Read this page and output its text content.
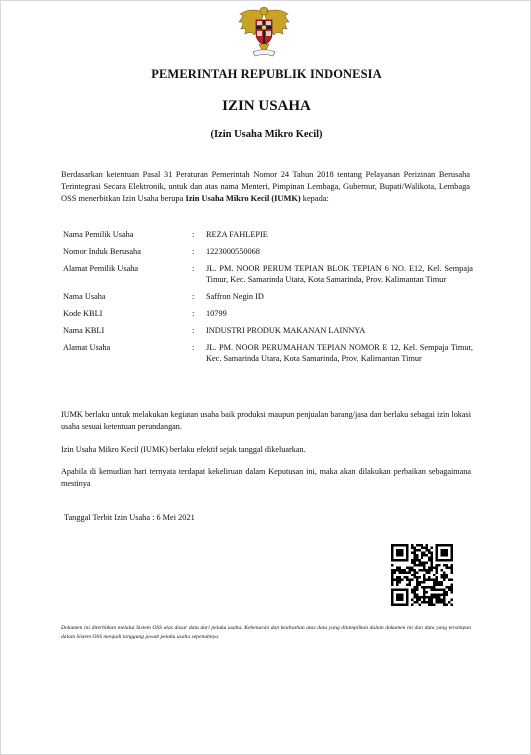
PEMERINTAH REPUBLIK INDONESIA
IZIN USAHA
(Izin Usaha Mikro Kecil)
Berdasarkan ketentuan Pasal 31 Peraturan Pemerintah Nomor 24 Tahun 2018 tentang Pelayanan Perizinan Berusaha Terintegrasi Secara Elektronik, untuk dan atas nama Menteri, Pimpinan Lembaga, Gubernur, Bupati/Walikota, Lembaga OSS menerbitkan Izin Usaha berupa Izin Usaha Mikro Kecil (IUMK) kepada:
Nama Pemilik Usaha	: REZA FAHLEPIE
Nomor Induk Berusaha	: 1223000550068
Alamat Pemilik Usaha	: JL. PM. NOOR PERUM TEPIAN BLOK TEPIAN 6 NO. E12, Kel. Sempaja Timur, Kec. Samarinda Utara, Kota Samarinda, Prov. Kalimantan Timur
Nama Usaha	: Saffron Negin ID
Kode KBLI	: 10799
Nama KBLI	: INDUSTRI PRODUK MAKANAN LAINNYA
Alamat Usaha	: JL. PM. NOOR PERUMAHAN TEPIAN NOMOR E 12, Kel. Sempaja Timur, Kec. Samarinda Utara, Kota Samarinda, Prov. Kalimantan Timur
IUMK berlaku untuk melakukan kegiatan usaha baik produksi maupun penjualan barang/jasa dan berlaku sebagai izin lokasi usaha sesuai ketentuan perundangan.
Izin Usaha Mikro Kecil (IUMK) berlaku efektif sejak tanggal dikeluarkan.
Apabila di kemudian hari ternyata terdapat kekeliruan dalam Keputusan ini, maka akan dilakukan perbaikan sebagaimana mestinya
Tanggal Terbit Izin Usaha : 6 Mei 2021
Dokumen ini diterbitkan melalui Sistem OSS atas dasar data dari pelaku usaha. Kebenaran dan keabsahan atas data yang ditampilkan dalam dokumen ini dan data yang tersimpan dalam Sistem OSS menjadi tanggung jawab pelaku usaha sepenuhnya.
